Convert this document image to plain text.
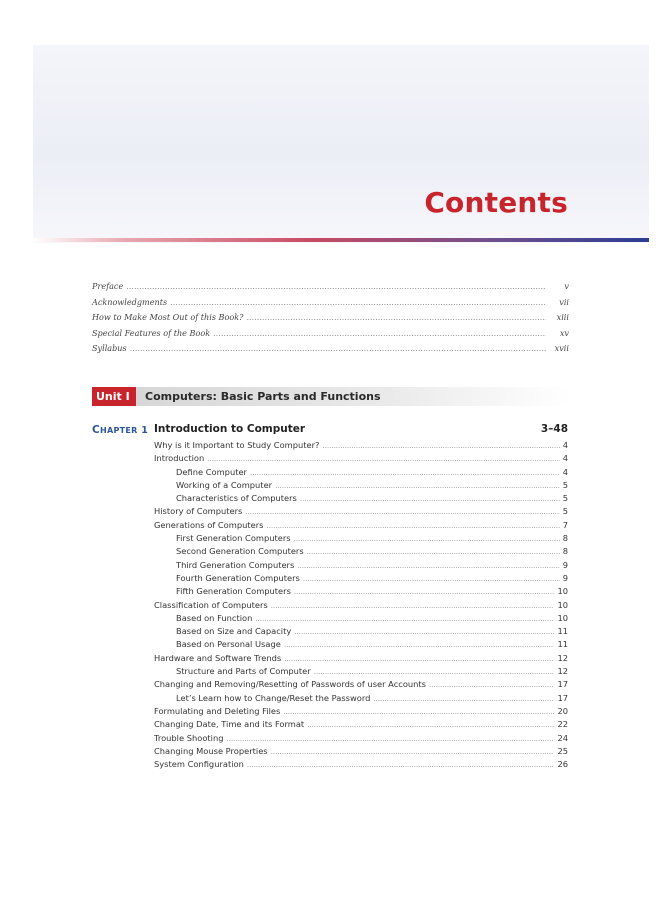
Contents
Preface .....	v
Acknowledgments .....	vii
How to Make Most Out of this Book? .....	xiii
Special Features of the Book .....	xv
Syllabus .....	xvii
Unit I	Computers: Basic Parts and Functions
CHAPTER 1 Introduction to Computer	3–48
Why is it Important to Study Computer? .....	4
Introduction .....	4
Define Computer .....	4
Working of a Computer .....	5
Characteristics of Computers .....	5
History of Computers .....	5
Generations of Computers .....	7
First Generation Computers .....	8
Second Generation Computers .....	8
Third Generation Computers .....	9
Fourth Generation Computers .....	9
Fifth Generation Computers .....	10
Classification of Computers .....	10
Based on Function .....	10
Based on Size and Capacity .....	11
Based on Personal Usage .....	11
Hardware and Software Trends .....	12
Structure and Parts of Computer .....	12
Changing and Removing/Resetting of Passwords of user Accounts .....	17
Let’s Learn how to Change/Reset the Password .....	17
Formulating and Deleting Files .....	20
Changing Date, Time and its Format .....	22
Trouble Shooting .....	24
Changing Mouse Properties .....	25
System Configuration .....	26
